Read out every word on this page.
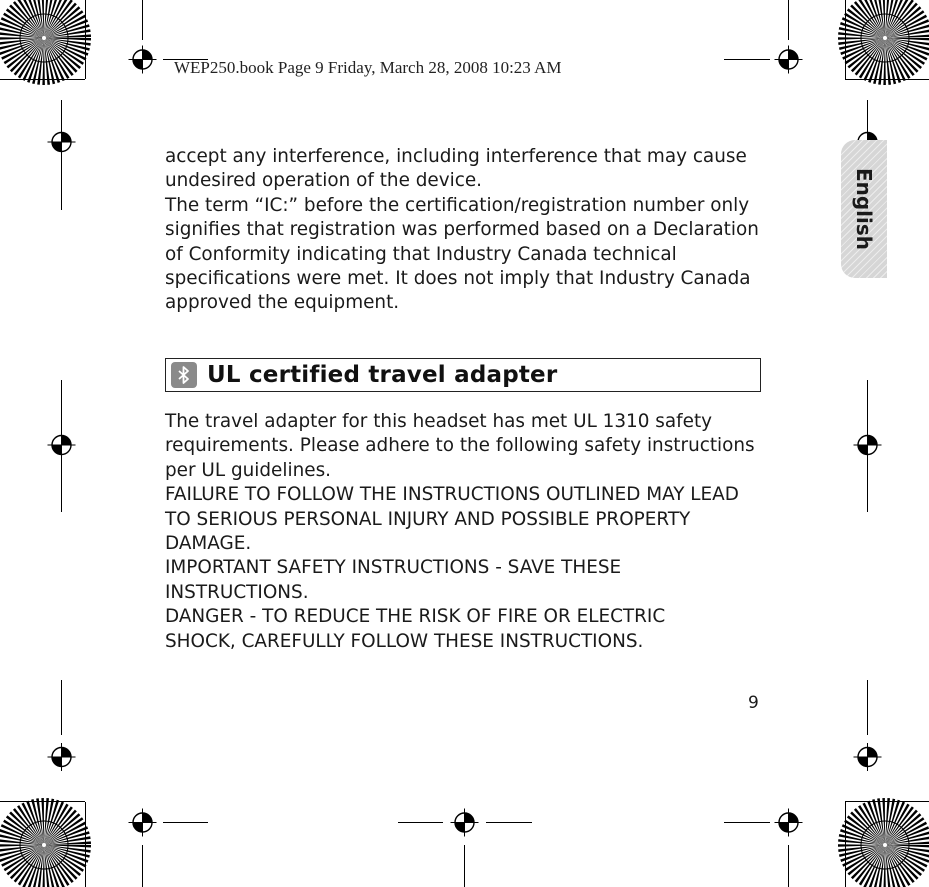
WEP250.book Page 9 Friday, March 28, 2008 10:23 AM
English

accept any interference, including interference that may cause
undesired operation of the device.

The term “IC:” before the certification/registration number only
signifies that registration was performed based on a Declaration
of Conformity indicating that Industry Canada technical
specifications were met. It does not imply that Industry Canada
approved the equipment.

UL certified travel adapter

The travel adapter for this headset has met UL 1310 safety
requirements. Please adhere to the following safety instructions
per UL guidelines.

FAILURE TO FOLLOW THE INSTRUCTIONS OUTLINED MAY LEAD
TO SERIOUS PERSONAL INJURY AND POSSIBLE PROPERTY
DAMAGE.

IMPORTANT SAFETY INSTRUCTIONS - SAVE THESE
INSTRUCTIONS.

DANGER - TO REDUCE THE RISK OF FIRE OR ELECTRIC
SHOCK, CAREFULLY FOLLOW THESE INSTRUCTIONS.

9
